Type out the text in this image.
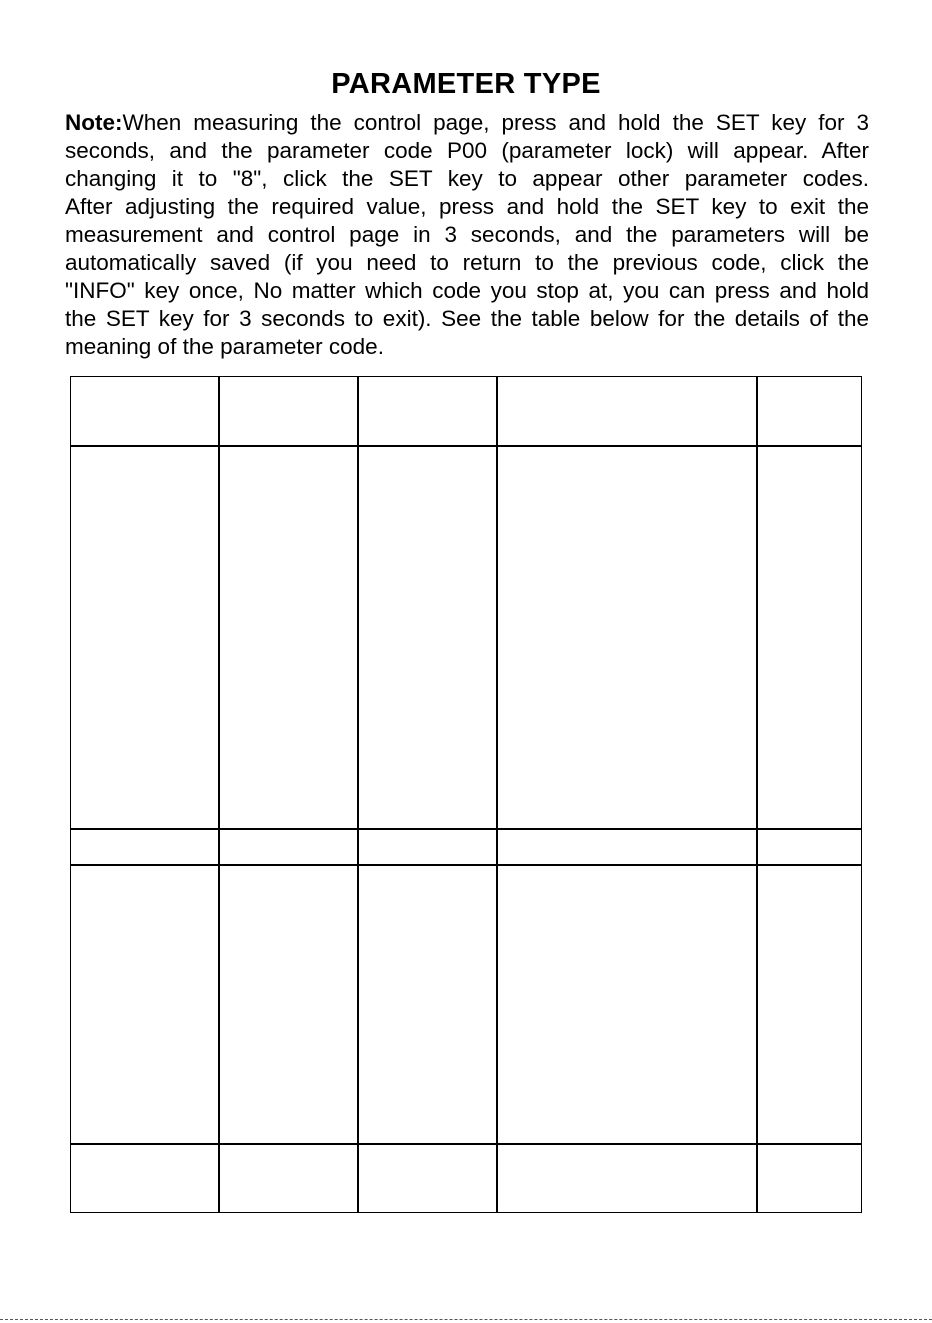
PARAMETER TYPE
Note:When measuring the control page, press and hold the SET key for 3
seconds, and the parameter code P00 (parameter lock) will appear. After
changing it to "8", click the SET key to appear other parameter codes.
After adjusting the required value, press and hold the SET key to exit the
measurement and control page in 3 seconds, and the parameters will be
automatically saved (if you need to return to the previous code, click the
"INFO" key once, No matter which code you stop at, you can press and hold
the SET key for 3 seconds to exit). See the table below for the details of the
meaning of the parameter code.
